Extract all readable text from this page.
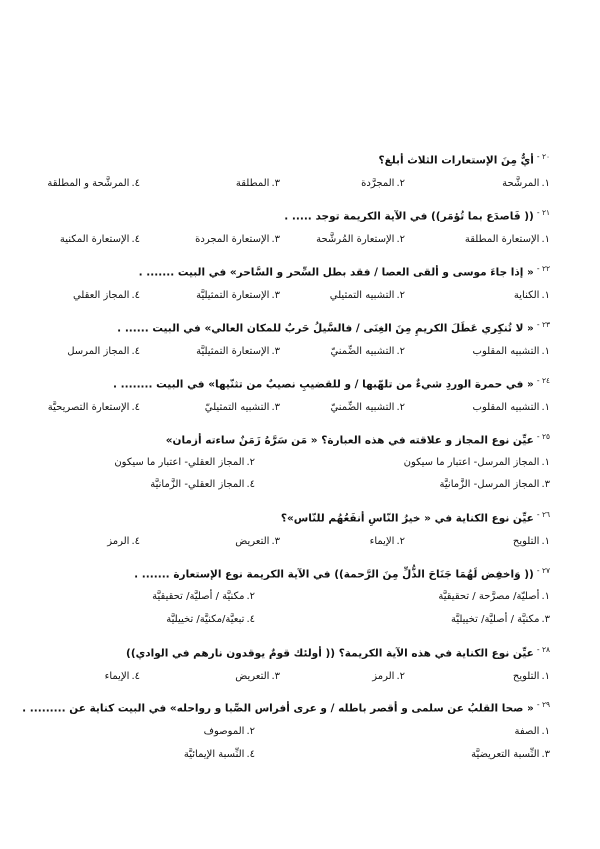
$^{٢٠ -}$أيٌّ مِنَ الإستعارات الثلاث أبلغ؟
١.المرشَّحة
٢.المجرَّدة
٣.المطلقة
٤.المرشَّحة و المطلقة
$^{٢١ -}$(( فَاصدَع بما تُؤمَر)) في الآية الكريمة توجد ..... .
١.الإستعارة المطلقة
٢.الإستعارة المُرشَّحة
٣.الإستعارة المجردة
٤.الإستعارة المكنية
$^{٢٢ -}$« إذا جاءَ موسى و ألقى العصا / فقد بطل السِّحر و السَّاحر» في البيت ....... .
١.الكناية
٢.التشبيه التمثيلي
٣.الإستعارة التمثيليَّة
٤.المجاز العقلي
$^{٢٣ -}$« لا تُنكِري عَطَلَ الكريمِ مِنَ الغِنَى / فالسَّيلُ حَربٌ للمكان العالي» في البيت ...... .
١.التشبيه المقلوب
٢.التشبيه الضِّمنيّ
٣.الإستعارة التمثيليَّة
٤.المجاز المرسل
$^{٢٤ -}$« في حمرة الوردِ شيءٌ من تلهّبها / و للقضيبِ نصيبٌ من تثنّيها» في البيت ........ .
١.التشبيه المقلوب
٢.التشبيه الضِّمنيّ
٣.التشبيه التمثيليّ
٤.الإستعارة التصريحيَّة
$^{٢٥ -}$عيِّن نوع المجاز و علاقته في هذه العبارة؟ « مَن سَرَّهُ زَمَنٌ ساءته أزمان»
١.المجاز المرسل- اعتبار ما سيكون
٢.المجاز العقلي- اعتبار ما سيكون
٣.المجاز المرسل- الزَّمانيَّة
٤.المجاز العقلي- الزَّمانيَّة
$^{٢٦ -}$عيِّن نوع الكناية في « خيرُ النّاسِ أنفَعُهُم للنّاس»؟
١.التلويح
٢.الإيماء
٣.التعريض
٤.الرمز
$^{٢٧ -}$(( وَاخفِض لَهُمَا جَنَاحَ الذُّلِّ مِنَ الرَّحمة)) في الآية الكريمة نوع الإستعارة ....... .
١.أصليّة/ مصرَّحة / تحقيقيَّة
٢.مكنيَّة / أصليَّة/ تحقيقيَّة
٣.مكنيَّة / أصليَّة/ تخييليَّة
٤.تبعيَّة/مكنيَّة/ تخييليَّة
$^{٢٨ -}$عيِّن نوع الكناية في هذه الآية الكريمة؟ (( أولئك قومٌ يوقدون نارهم في الوادي))
١.التلويح
٢.الرمز
٣.التعريض
٤.الإيماء
$^{٢٩ -}$« صحا القلبُ عن سلمى و أقصر باطله / و عرى أفراس الصِّبا و رواحله» في البيت كناية عن ......... .
١.الصفة
٢.الموصوف
٣.النِّسبة التعريضيَّة
٤.النِّسبة الإيمائيَّة
